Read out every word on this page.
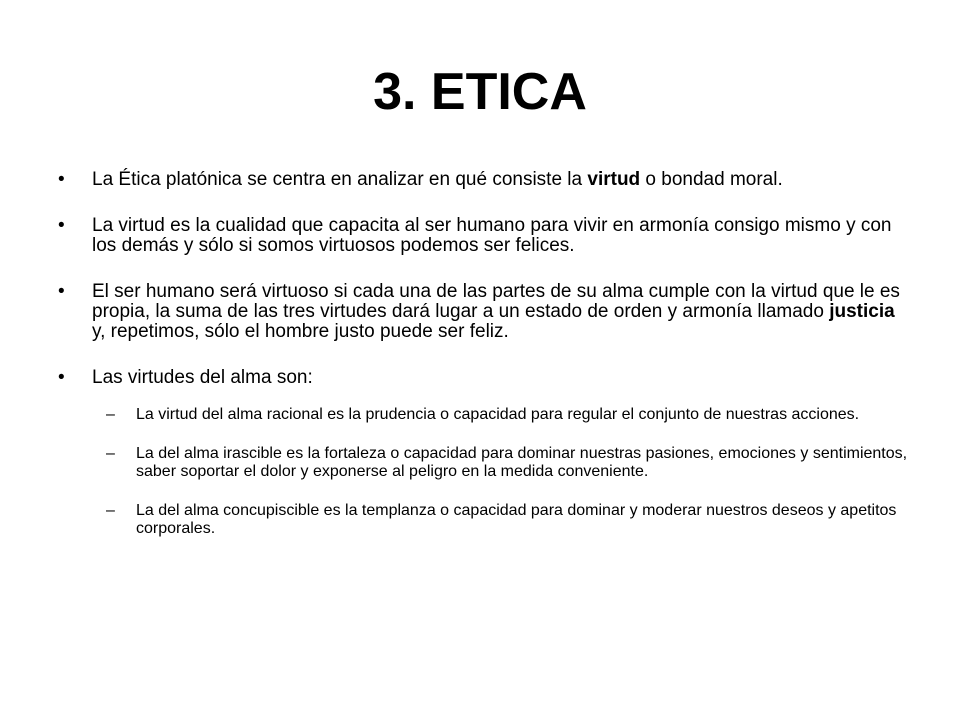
3. ETICA

• La Ética platónica se centra en analizar en qué consiste la virtud o bondad moral.

• La virtud es la cualidad que capacita al ser humano para vivir en armonía consigo mismo y con los demás y sólo si somos virtuosos podemos ser felices.

• El ser humano será virtuoso si cada una de las partes de su alma cumple con la virtud que le es propia, la suma de las tres virtudes dará lugar a un estado de orden y armonía llamado justicia y, repetimos, sólo el hombre justo puede ser feliz.

• Las virtudes del alma son:

– La virtud del alma racional es la prudencia o capacidad para regular el conjunto de nuestras acciones.

– La del alma irascible es la fortaleza o capacidad para dominar nuestras pasiones, emociones y sentimientos, saber soportar el dolor y exponerse al peligro en la medida conveniente.

– La del alma concupiscible es la templanza o capacidad para dominar y moderar nuestros deseos y apetitos corporales.
